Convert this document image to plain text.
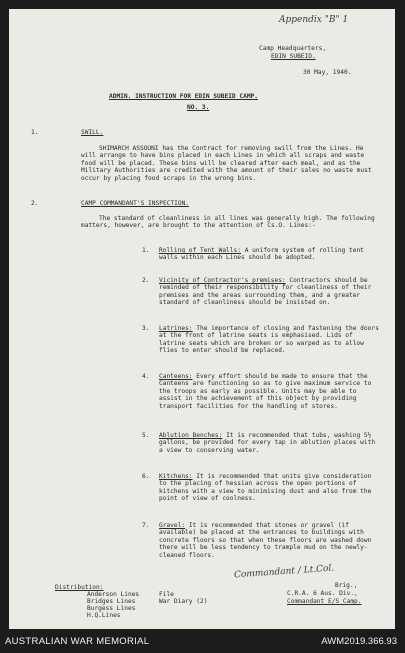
Appendix "B" 1
Camp Headquarters,
EDIN SUBEID.
30 May, 1940.
ADMIN. INSTRUCTION FOR EDIN SUBEID CAMP.
NO. 3.
1.	SWILL.
SHIMARCH ASSOUNI has the Contract for removing swill from the Lines. He will arrange to have bins placed in each Lines in which all scraps and waste food will be placed. These bins will be cleared after each meal, and as the Military Authorities are credited with the amount of their sales no waste must occur by placing food scraps in the wrong bins.
2.	CAMP COMMANDANT'S INSPECTION.
The standard of cleanliness in all lines was generally high. The following matters, however, are brought to the attention of Cs.O. Lines:-
1. Rolling of Tent Walls: A uniform system of rolling tent walls within each Lines should be adopted.
2. Vicinity of Contractor's premises: Contractors should be reminded of their responsibility for cleanliness of their premises and the areas surrounding them, and a greater standard of cleanliness should be insisted on.
3. Latrines: The importance of closing and fastening the doors at the front of latrine seats is emphasised. Lids of latrine seats which are broken or so warped as to allow flies to enter should be replaced.
4. Canteens: Every effort should be made to ensure that the Canteens are functioning so as to give maximum service to the troops as early as possible. Units may be able to assist in the achievement of this object by providing transport facilities for the handling of stores.
5. Ablution Benches: It is recommended that tubs, washing 5½ gallons, be provided for every tap in ablution places with a view to conserving water.
6. Kitchens: It is recommended that units give consideration to the placing of hessian across the open portions of kitchens with a view to minimising dust and also from the point of view of coolness.
7. Gravel: It is recommended that stones or gravel (if available) be placed at the entrances to buildings with concrete floors so that when these floors are washed down there will be less tendency to trample mud on the newly-cleaned floors.
Commandant / Lt.Col.
Brig.,
C.R.A. 6 Aus. Div.,
Commandant E/S Camp.
Distribution:
Anderson Lines
Bridges Lines
Burgess Lines
H.Q.Lines
File
War Diary (2)
AUSTRALIAN WAR MEMORIAL	AWM2019.366.93
